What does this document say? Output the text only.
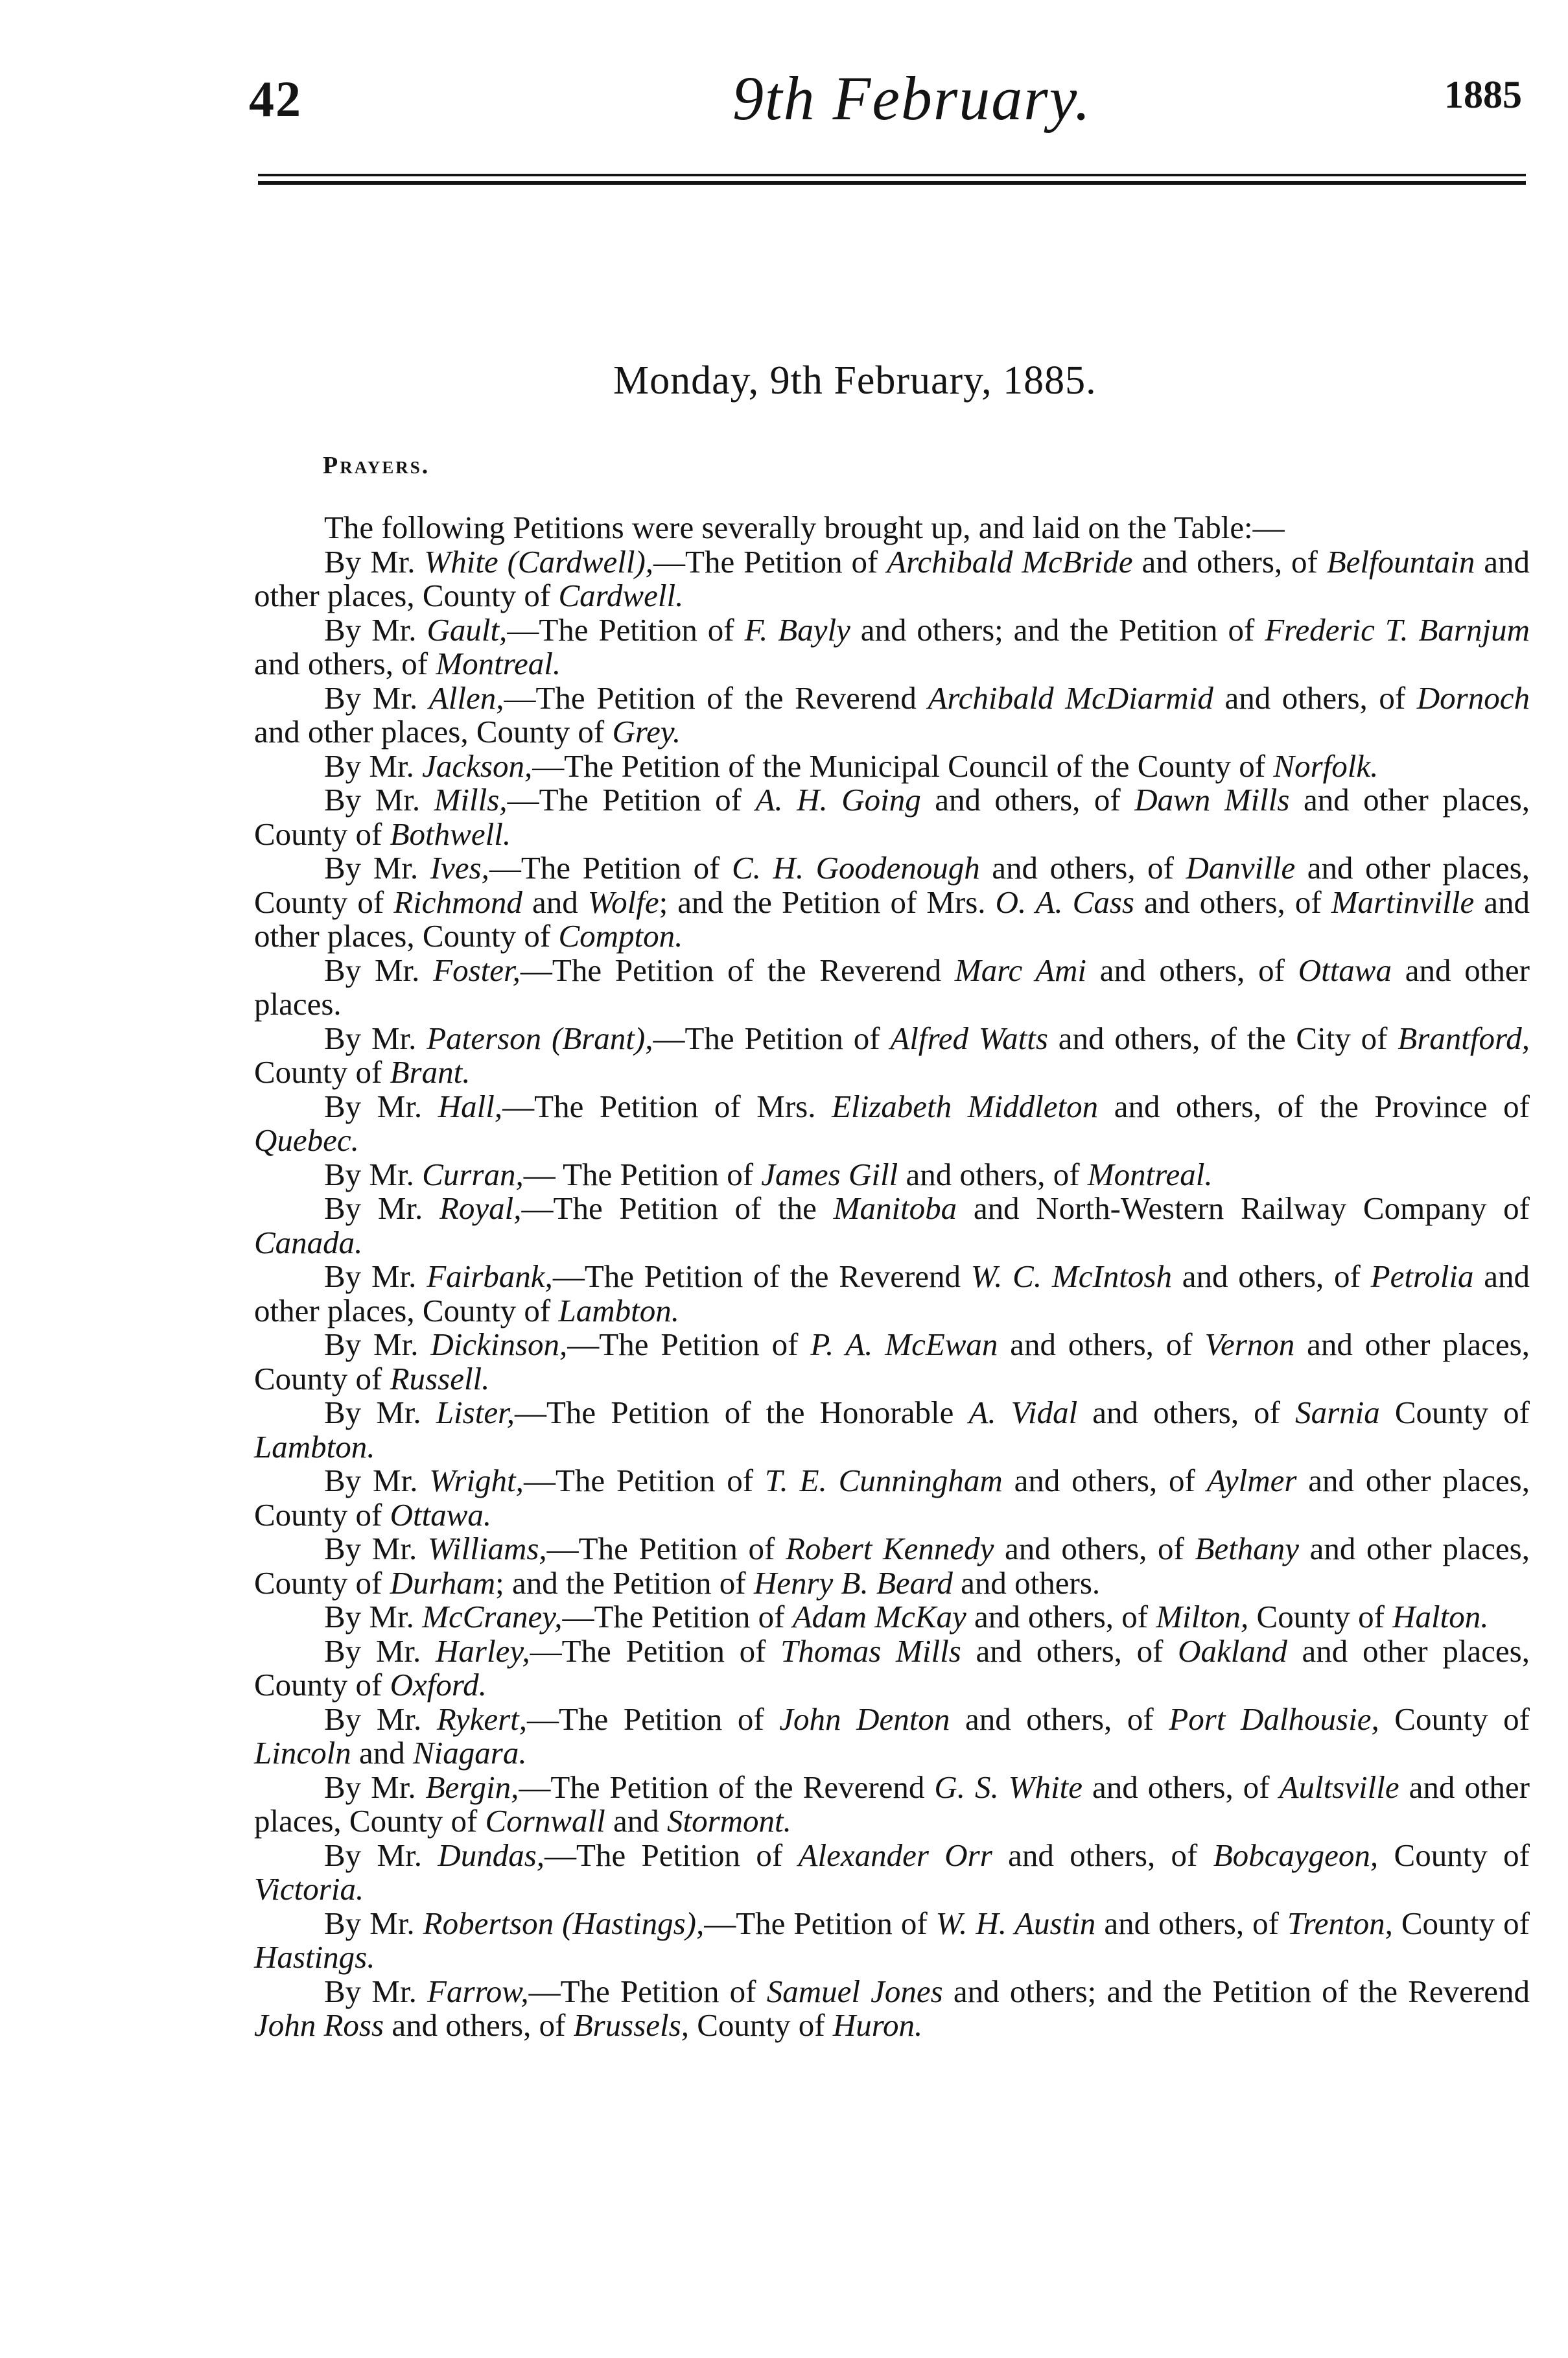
42	9th February.	1885
Monday, 9th February, 1885.
Prayers.
The following Petitions were severally brought up, and laid on the Table:—

By Mr. White (Cardwell),—The Petition of Archibald McBride and others, of Belfountain and other places, County of Cardwell.

By Mr. Gault,—The Petition of F. Bayly and others; and the Petition of Frederic T. Barnjum and others, of Montreal.

By Mr. Allen,—The Petition of the Reverend Archibald McDiarmid and others, of Dornoch and other places, County of Grey.

By Mr. Jackson,—The Petition of the Municipal Council of the County of Norfolk.

By Mr. Mills,—The Petition of A. H. Going and others, of Dawn Mills and other places, County of Bothwell.

By Mr. Ives,—The Petition of C. H. Goodenough and others, of Danville and other places, County of Richmond and Wolfe; and the Petition of Mrs. O. A. Cass and others, of Martinville and other places, County of Compton.

By Mr. Foster,—The Petition of the Reverend Marc Ami and others, of Ottawa and other places.

By Mr. Paterson (Brant),—The Petition of Alfred Watts and others, of the City of Brantford, County of Brant.

By Mr. Hall,—The Petition of Mrs. Elizabeth Middleton and others, of the Province of Quebec.

By Mr. Curran,— The Petition of James Gill and others, of Montreal.

By Mr. Royal,—The Petition of the Manitoba and North-Western Railway Company of Canada.

By Mr. Fairbank,—The Petition of the Reverend W. C. McIntosh and others, of Petrolia and other places, County of Lambton.

By Mr. Dickinson,—The Petition of P. A. McEwan and others, of Vernon and other places, County of Russell.

By Mr. Lister,—The Petition of the Honorable A. Vidal and others, of Sarnia County of Lambton.

By Mr. Wright,—The Petition of T. E. Cunningham and others, of Aylmer and other places, County of Ottawa.

By Mr. Williams,—The Petition of Robert Kennedy and others, of Bethany and other places, County of Durham; and the Petition of Henry B. Beard and others.

By Mr. McCraney,—The Petition of Adam McKay and others, of Milton, County of Halton.

By Mr. Harley,—The Petition of Thomas Mills and others, of Oakland and other places, County of Oxford.

By Mr. Rykert,—The Petition of John Denton and others, of Port Dalhousie, County of Lincoln and Niagara.

By Mr. Bergin,—The Petition of the Reverend G. S. White and others, of Aultsville and other places, County of Cornwall and Stormont.

By Mr. Dundas,—The Petition of Alexander Orr and others, of Bobcaygeon, County of Victoria.

By Mr. Robertson (Hastings),—The Petition of W. H. Austin and others, of Trenton, County of Hastings.

By Mr. Farrow,—The Petition of Samuel Jones and others; and the Petition of the Reverend John Ross and others, of Brussels, County of Huron.
